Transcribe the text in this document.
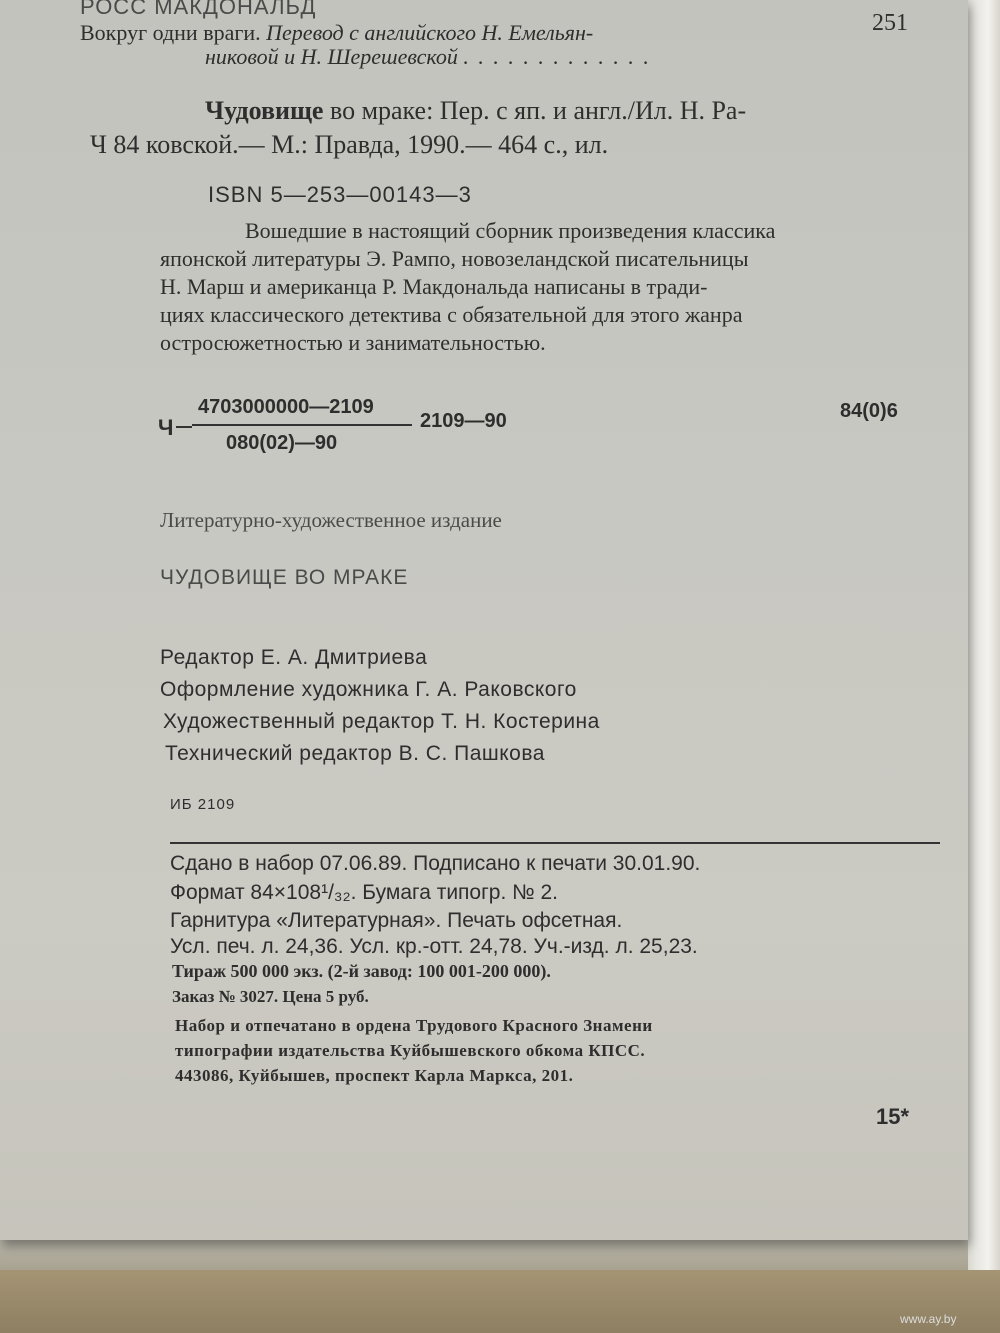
РОСС МАКДОНАЛЬД
Вокруг одни враги. Перевод с английского Н. Емельян-
никовой и Н. Шерешевской . . . . . . . . . . . . .
251
Чудовище во мраке: Пер. с яп. и англ./Ил. Н. Ра-
Ч 84 ковской.— М.: Правда, 1990.— 464 с., ил.
ISBN 5—253—00143—3
Вошедшие в настоящий сборник произведения классика
японской литературы Э. Рампо, новозеландской писательницы
Н. Марш и американца Р. Макдональда написаны в тради-
циях классического детектива с обязательной для этого жанра
остросюжетностью и занимательностью.
Ч
4703000000—2109
080(02)—90
2109—90	84(0)6
Литературно-художественное издание
ЧУДОВИЩЕ ВО МРАКЕ
Редактор Е. А. Дмитриева
Оформление художника Г. А. Раковского
Художественный редактор Т. Н. Костерина
Технический редактор В. С. Пашкова
ИБ 2109
Сдано в набор 07.06.89. Подписано к печати 30.01.90.
Формат 84×108¹/₃₂. Бумага типогр. № 2.
Гарнитура «Литературная». Печать офсетная.
Усл. печ. л. 24,36. Усл. кр.-отт. 24,78. Уч.-изд. л. 25,23.
Тираж 500 000 экз. (2-й завод: 100 001-200 000).
Заказ № 3027. Цена 5 руб.
Набор и отпечатано в ордена Трудового Красного Знамени
типографии издательства Куйбышевского обкома КПСС.
443086, Куйбышев, проспект Карла Маркса, 201.
15*
www.ay.by
